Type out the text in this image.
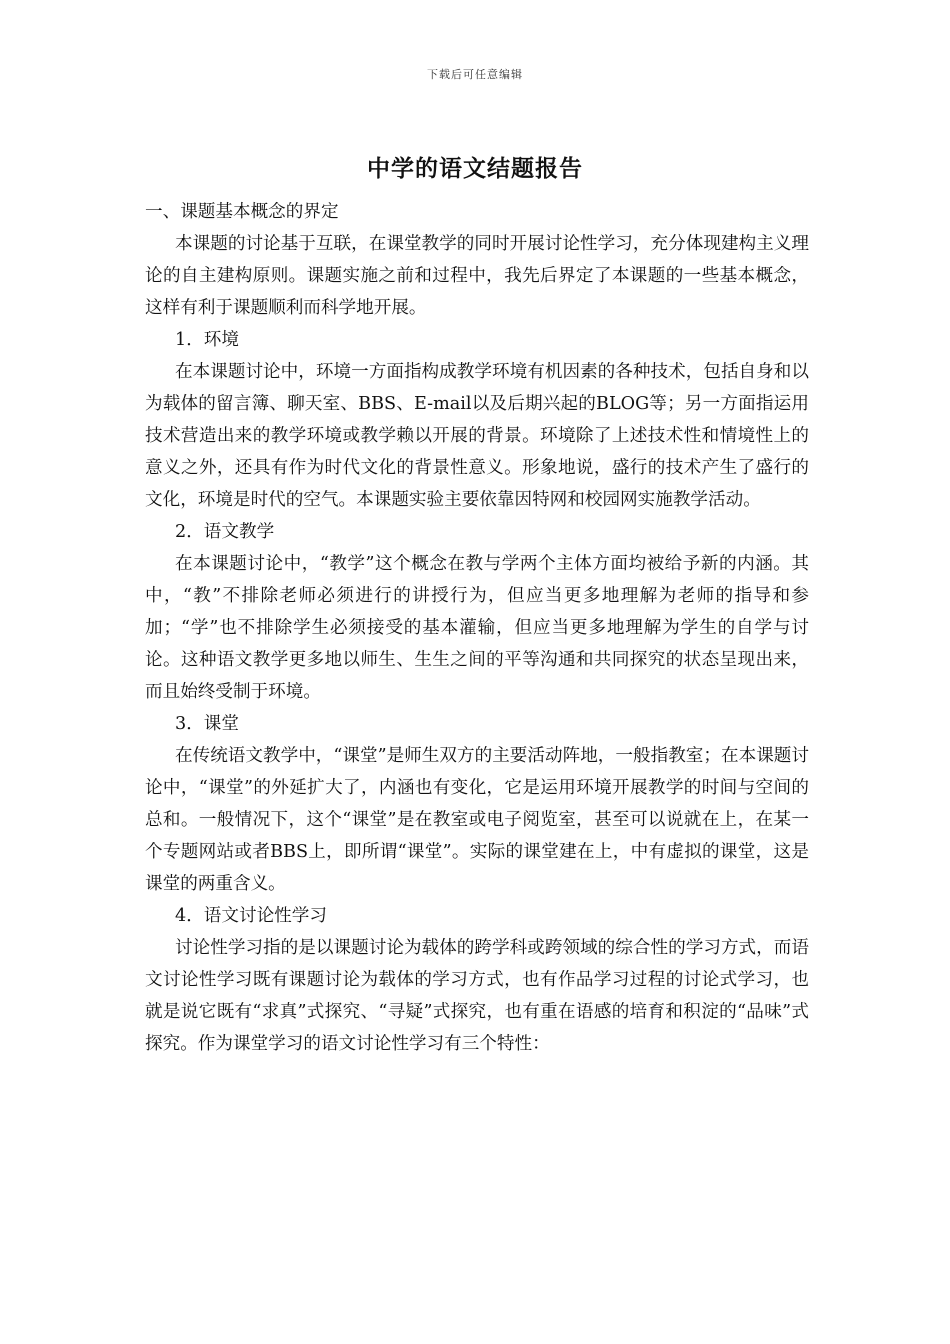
下载后可任意编辑
中学的语文结题报告

一、课题基本概念的界定

本课题的讨论基于互联，在课堂教学的同时开展讨论性学习，充分体现建构主义理论的自主建构原则。课题实施之前和过程中，我先后界定了本课题的一些基本概念，这样有利于课题顺利而科学地开展。

1．环境

在本课题讨论中，环境一方面指构成教学环境有机因素的各种技术，包括自身和以为载体的留言簿、聊天室、BBS、E-mail以及后期兴起的BLOG等；另一方面指运用技术营造出来的教学环境或教学赖以开展的背景。环境除了上述技术性和情境性上的意义之外，还具有作为时代文化的背景性意义。形象地说，盛行的技术产生了盛行的文化，环境是时代的空气。本课题实验主要依靠因特网和校园网实施教学活动。

2．语文教学

在本课题讨论中，“教学”这个概念在教与学两个主体方面均被给予新的内涵。其中，“教”不排除老师必须进行的讲授行为，但应当更多地理解为老师的指导和参加；“学”也不排除学生必须接受的基本灌输，但应当更多地理解为学生的自学与讨论。这种语文教学更多地以师生、生生之间的平等沟通和共同探究的状态呈现出来，而且始终受制于环境。

3．课堂

在传统语文教学中，“课堂”是师生双方的主要活动阵地，一般指教室；在本课题讨论中，“课堂”的外延扩大了，内涵也有变化，它是运用环境开展教学的时间与空间的总和。一般情况下，这个“课堂”是在教室或电子阅览室，甚至可以说就在上，在某一个专题网站或者BBS上，即所谓“课堂”。实际的课堂建在上，中有虚拟的课堂，这是课堂的两重含义。

4．语文讨论性学习

讨论性学习指的是以课题讨论为载体的跨学科或跨领域的综合性的学习方式，而语文讨论性学习既有课题讨论为载体的学习方式，也有作品学习过程的讨论式学习，也就是说它既有“求真”式探究、“寻疑”式探究，也有重在语感的培育和积淀的“品味”式探究。作为课堂学习的语文讨论性学习有三个特性：
